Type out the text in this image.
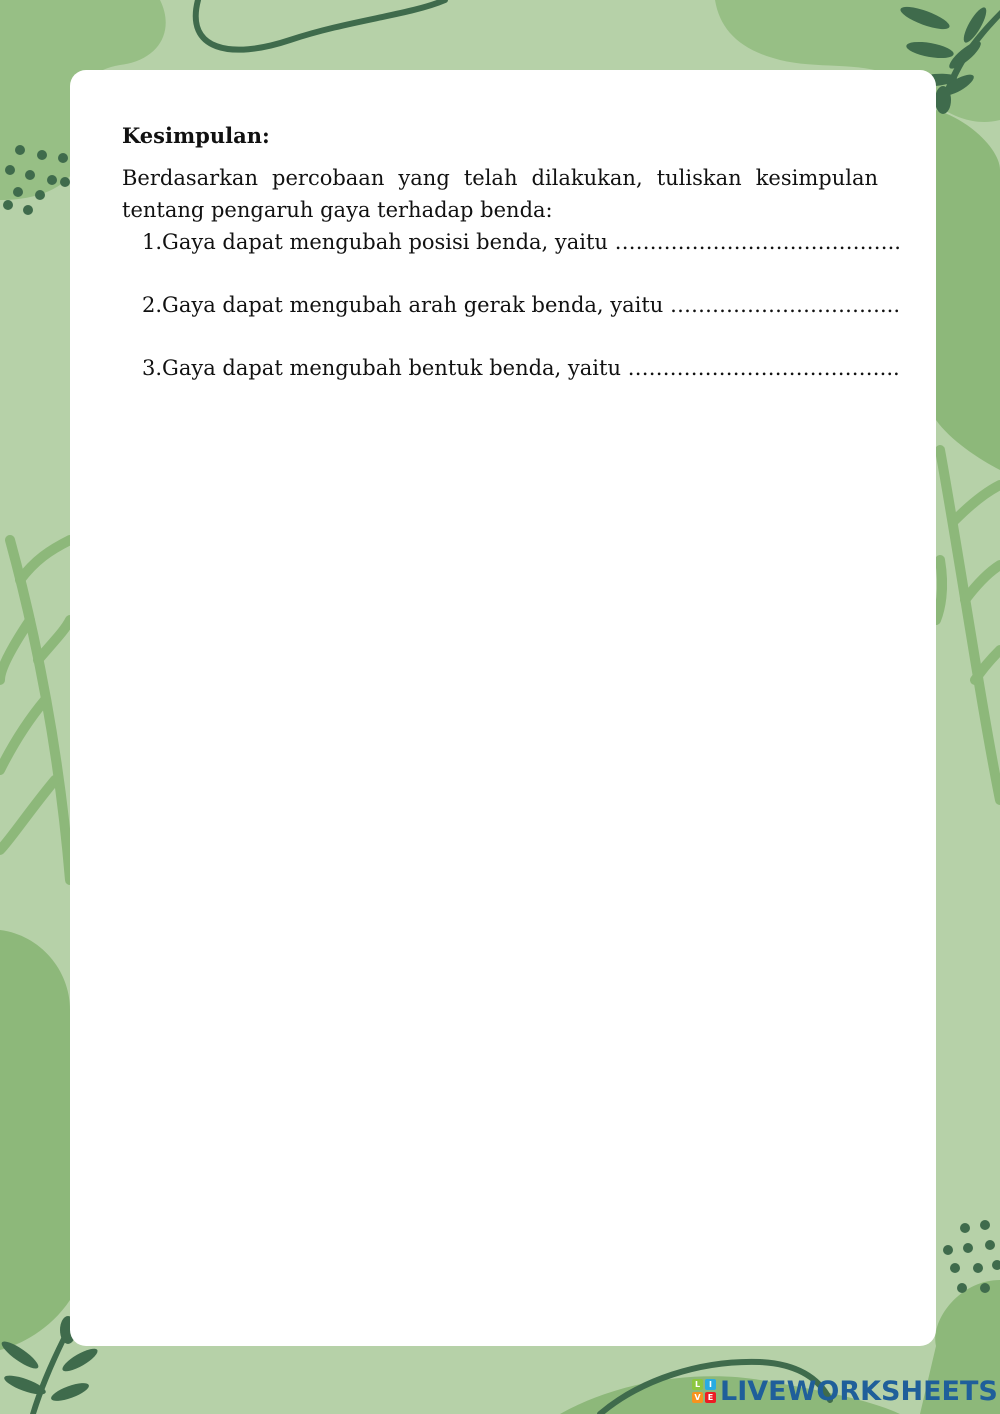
Kesimpulan:

Berdasarkan percobaan yang telah dilakukan, tuliskan kesimpulan tentang pengaruh gaya terhadap benda:

1. Gaya dapat mengubah posisi benda, yaitu …………………………………..
2. Gaya dapat mengubah arah gerak benda, yaitu …………………………...
3. Gaya dapat mengubah bentuk benda, yaitu ………………………………...
L	I
V E LIVEWORKSHEETS
